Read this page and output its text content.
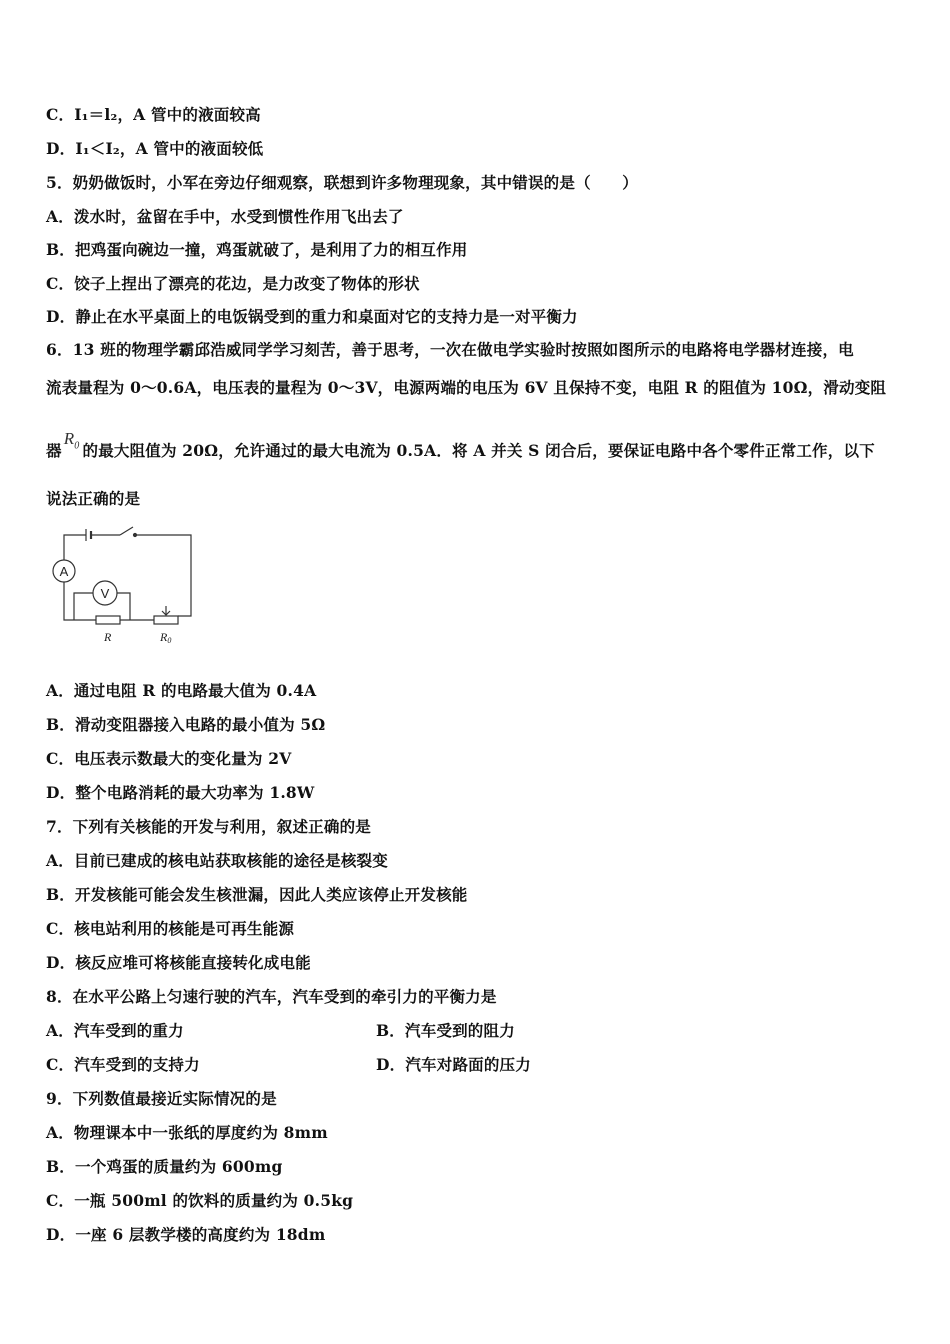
C．I₁＝l₂，A 管中的液面较高
D．I₁＜I₂，A 管中的液面较低
5．奶奶做饭时，小军在旁边仔细观察，联想到许多物理现象，其中错误的是（　　）
A．泼水时，盆留在手中，水受到惯性作用飞出去了
B．把鸡蛋向碗边一撞，鸡蛋就破了，是利用了力的相互作用
C．饺子上捏出了漂亮的花边，是力改变了物体的形状
D．静止在水平桌面上的电饭锅受到的重力和桌面对它的支持力是一对平衡力
6．13 班的物理学霸邱浩威同学学习刻苦，善于思考，一次在做电学实验时按照如图所示的电路将电学器材连接，电
流表量程为 0～0.6A，电压表的量程为 0～3V，电源两端的电压为 6V 且保持不变，电阻 R 的阻值为 10Ω，滑动变阻
器$R_0$ 的最大阻值为 20Ω，允许通过的最大电流为 0.5A．将 A 并关 S 闭合后，要保证电路中各个零件正常工作，以下
说法正确的是
A
V
R	R0
A．通过电阻 R 的电路最大值为 0.4A
B．滑动变阻器接入电路的最小值为 5Ω
C．电压表示数最大的变化量为 2V
D．整个电路消耗的最大功率为 1.8W
7．下列有关核能的开发与利用，叙述正确的是
A．目前已建成的核电站获取核能的途径是核裂变
B．开发核能可能会发生核泄漏，因此人类应该停止开发核能
C．核电站利用的核能是可再生能源
D．核反应堆可将核能直接转化成电能
8．在水平公路上匀速行驶的汽车，汽车受到的牵引力的平衡力是
A．汽车受到的重力	B．汽车受到的阻力
C．汽车受到的支持力	D．汽车对路面的压力
9．下列数值最接近实际情况的是
A．物理课本中一张纸的厚度约为 8mm
B．一个鸡蛋的质量约为 600mg
C．一瓶 500ml 的饮料的质量约为 0.5kg
D．一座 6 层教学楼的高度约为 18dm
